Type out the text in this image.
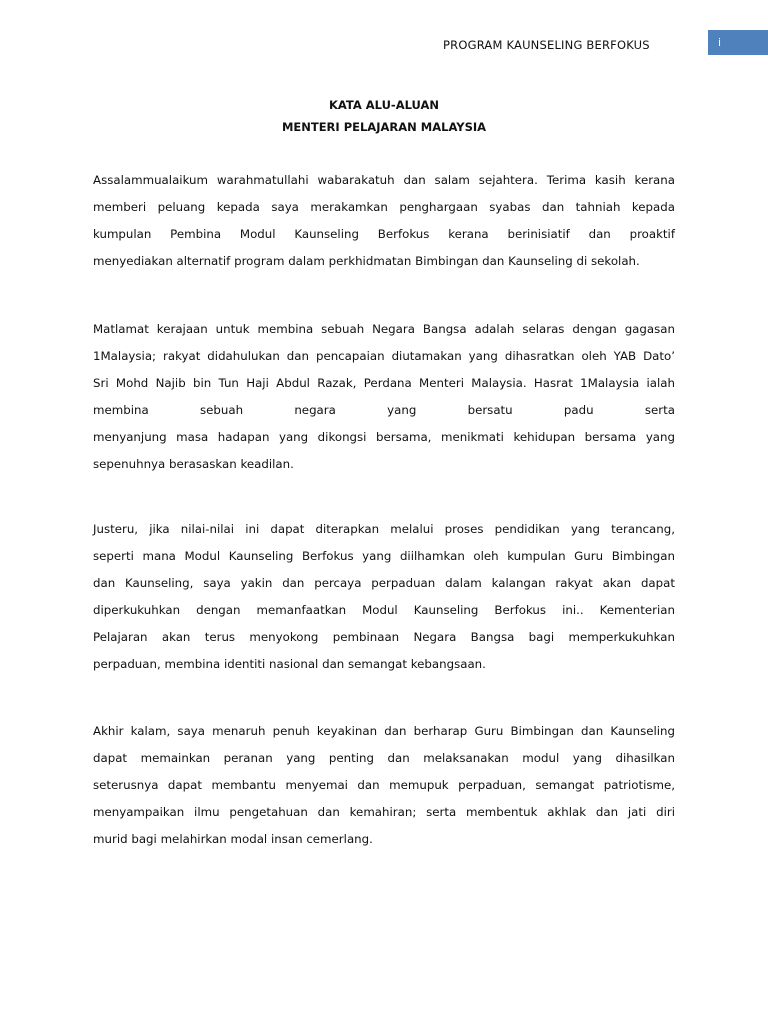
PROGRAM KAUNSELING BERFOKUS	i
KATA ALU-ALUAN
MENTERI PELAJARAN MALAYSIA

Assalammualaikum warahmatullahi wabarakatuh dan salam sejahtera. Terima kasih kerana
memberi peluang kepada saya merakamkan penghargaan syabas dan tahniah kepada
kumpulan Pembina Modul Kaunseling Berfokus kerana berinisiatif dan proaktif
menyediakan alternatif program dalam perkhidmatan Bimbingan dan Kaunseling di sekolah.

Matlamat kerajaan untuk membina sebuah Negara Bangsa adalah selaras dengan gagasan
1Malaysia; rakyat didahulukan dan pencapaian diutamakan yang dihasratkan oleh YAB Dato’
Sri Mohd Najib bin Tun Haji Abdul Razak, Perdana Menteri Malaysia. Hasrat 1Malaysia ialah
membina sebuah negara yang bersatu padu serta
menyanjung masa hadapan yang dikongsi bersama, menikmati kehidupan bersama yang
sepenuhnya berasaskan keadilan.

Justeru, jika nilai-nilai ini dapat diterapkan melalui proses pendidikan yang terancang,
seperti mana Modul Kaunseling Berfokus yang diilhamkan oleh kumpulan Guru Bimbingan
dan Kaunseling, saya yakin dan percaya perpaduan dalam kalangan rakyat akan dapat
diperkukuhkan dengan memanfaatkan Modul Kaunseling Berfokus ini.. Kementerian
Pelajaran akan terus menyokong pembinaan Negara Bangsa bagi memperkukuhkan
perpaduan, membina identiti nasional dan semangat kebangsaan.

Akhir kalam, saya menaruh penuh keyakinan dan berharap Guru Bimbingan dan Kaunseling
dapat memainkan peranan yang penting dan melaksanakan modul yang dihasilkan
seterusnya dapat membantu menyemai dan memupuk perpaduan, semangat patriotisme,
menyampaikan ilmu pengetahuan dan kemahiran; serta membentuk akhlak dan jati diri
murid bagi melahirkan modal insan cemerlang.
